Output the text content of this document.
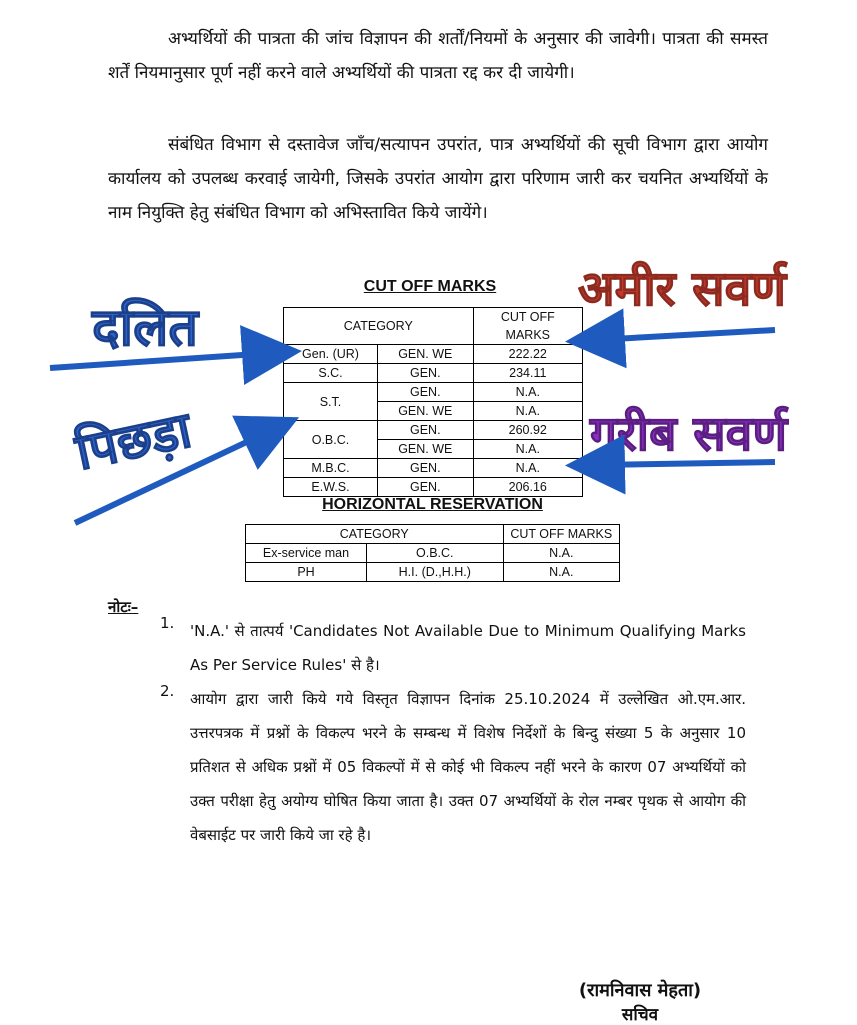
अभ्यर्थियों की पात्रता की जांच विज्ञापन की शर्तों/नियमों के अनुसार की जावेगी। पात्रता की समस्त शर्तें नियमानुसार पूर्ण नहीं करने वाले अभ्यर्थियों की पात्रता रद्द कर दी जायेगी।
संबंधित विभाग से दस्तावेज जाँच/सत्यापन उपरांत, पात्र अभ्यर्थियों की सूची विभाग द्वारा आयोग कार्यालय को उपलब्ध करवाई जायेगी, जिसके उपरांत आयोग द्वारा परिणाम जारी कर चयनित अभ्यर्थियों के नाम नियुक्ति हेतु संबंधित विभाग को अभिस्तावित किये जायेंगे।
CUT OFF MARKS
CATEGORY		CUT OFF MARKS
Gen. (UR)	GEN. WE	222.22
S.C.	GEN.	234.11
S.T.	GEN.	N.A.
	GEN. WE	N.A.
O.B.C.	GEN.	260.92
	GEN. WE	N.A.
M.B.C.	GEN.	N.A.
E.W.S.	GEN.	206.16
HORIZONTAL RESERVATION
CATEGORY		CUT OFF MARKS
Ex-service man	O.B.C.	N.A.
PH	H.I. (D.,H.H.)	N.A.
दलित
पिछड़ा
अमीर सवर्ण
गरीब सवर्ण
नोटः–
1. 'N.A.' से तात्पर्य 'Candidates Not Available Due to Minimum Qualifying Marks As Per Service Rules' से है।
2. आयोग द्वारा जारी किये गये विस्तृत विज्ञापन दिनांक 25.10.2024 में उल्लेखित ओ.एम.आर. उत्तरपत्रक में प्रश्नों के विकल्प भरने के सम्बन्ध में विशेष निर्देशों के बिन्दु संख्या 5 के अनुसार 10 प्रतिशत से अधिक प्रश्नों में 05 विकल्पों में से कोई भी विकल्प नहीं भरने के कारण 07 अभ्यर्थियों को उक्त परीक्षा हेतु अयोग्य घोषित किया जाता है। उक्त 07 अभ्यर्थियों के रोल नम्बर पृथक से आयोग की वेबसाईट पर जारी किये जा रहे है।
(रामनिवास मेहता)
सचिव
